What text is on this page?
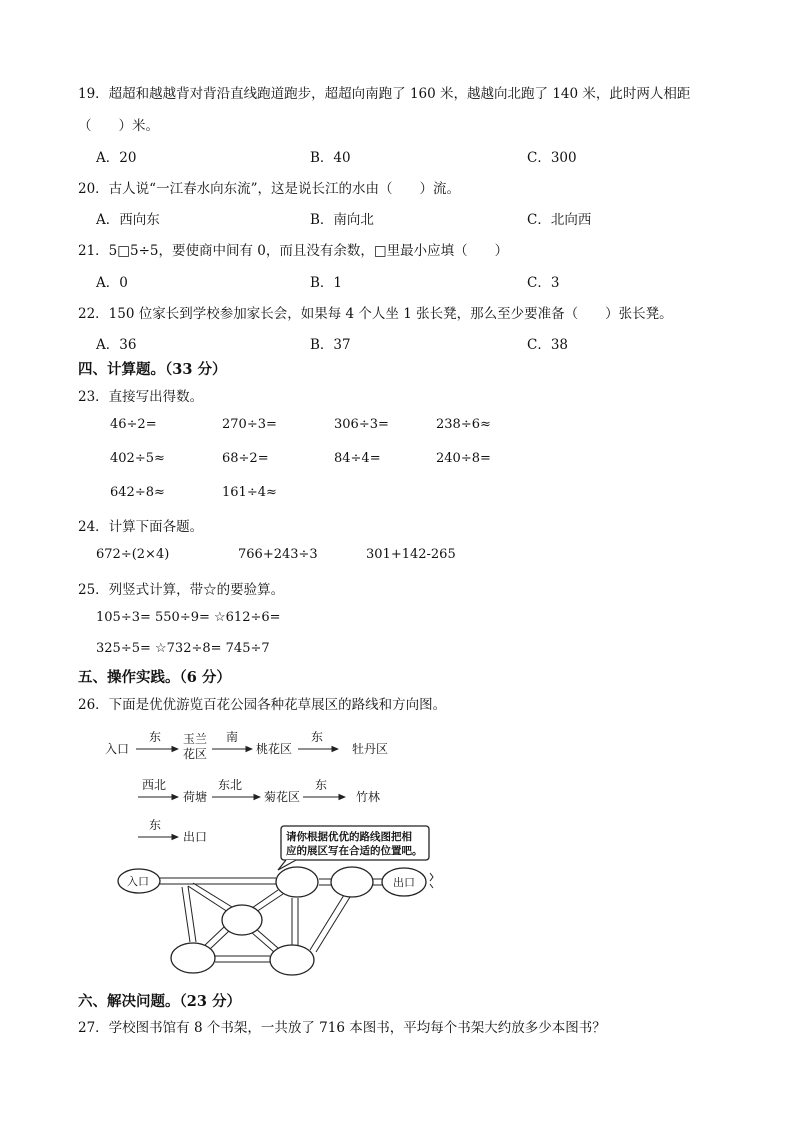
19．超超和越越背对背沿直线跑道跑步，超超向南跑了 160 米，越越向北跑了 140 米，此时两人相距
（　　）米。
A．20	B．40	C．300
20．古人说“一江春水向东流”，这是说长江的水由（　　）流。
A．西向东	B．南向北	C．北向西
21．5□5÷5，要使商中间有 0，而且没有余数，□里最小应填（　　）
A．0	B．1	C．3
22．150 位家长到学校参加家长会，如果每 4 个人坐 1 张长凳，那么至少要准备（　　）张长凳。
A．36	B．37	C．38
四、计算题。（33 分）
23．直接写出得数。
46÷2=	270÷3=	306÷3=	238÷6≈
402÷5≈	68÷2=	84÷4=	240÷8=
642÷8≈	161÷4≈
24．计算下面各题。
672÷(2×4)	766+243÷3	301+142-265
25．列竖式计算，带☆的要验算。
105÷3= 550÷9= ☆612÷6=
325÷5= ☆732÷8= 745÷7
五、操作实践。（6 分）
26．下面是优优游览百花公园各种花草展区的路线和方向图。
入口
东 玉兰
花区
南
桃花区
东
牡丹区
西北
荷塘
东北
菊花区
东
竹林
东
出口	请你根据优优的路线图把相
应的展区写在合适的位置吧。
入口	出口
六、解决问题。（23 分）
27．学校图书馆有 8 个书架，一共放了 716 本图书，平均每个书架大约放多少本图书？
